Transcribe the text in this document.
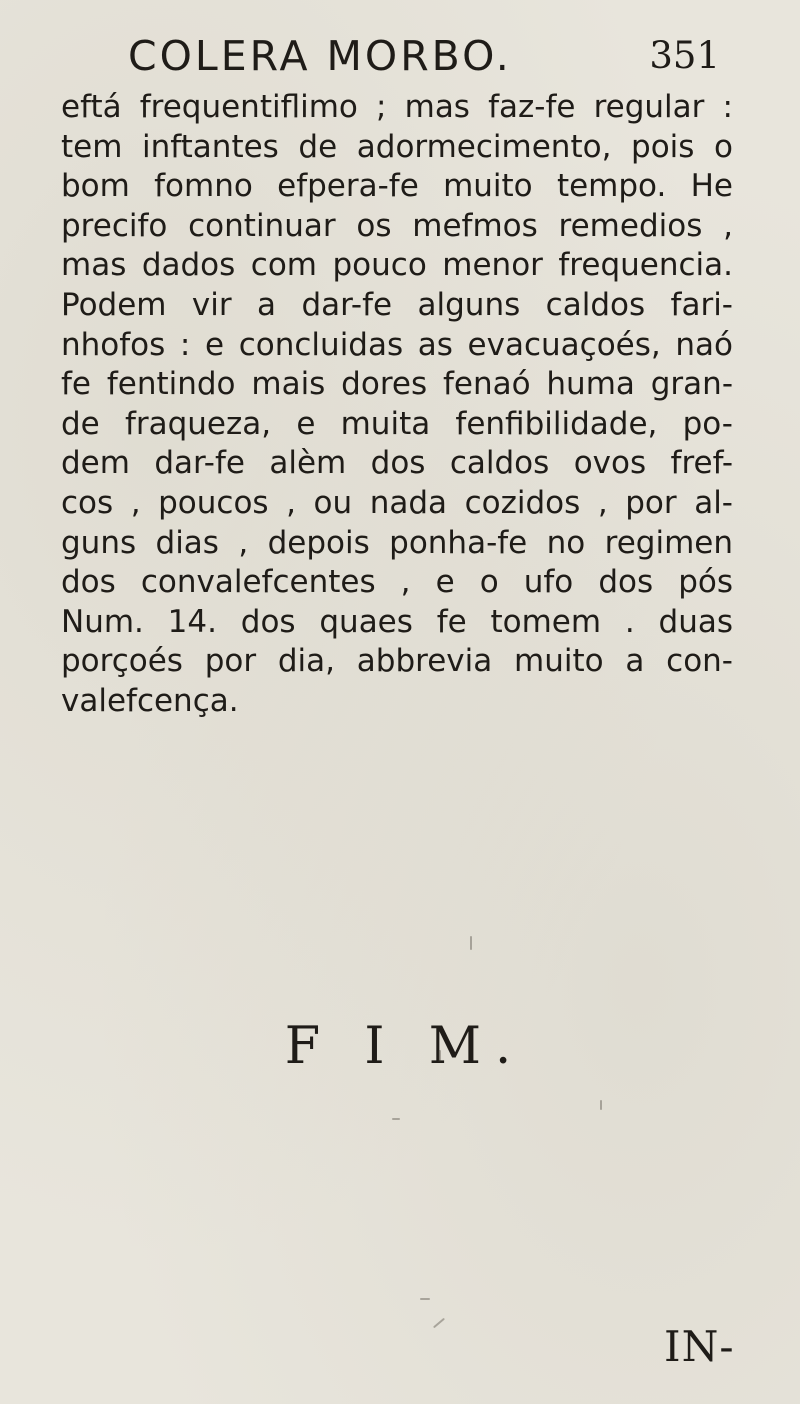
COLERA MORBO.	351
eftá frequentiflimo ; mas faz-fe regular :
tem inftantes de adormecimento, pois o
bom fomno efpera-fe muito tempo. He
precifo continuar os mefmos remedios ,
mas dados com pouco menor frequencia.
Podem vir a dar-fe alguns caldos fari-
nhofos : e concluidas as evacuaçoés, naó
fe fentindo mais dores fenaó huma gran-
de fraqueza, e muita fenfibilidade, po-
dem dar-fe alèm dos caldos ovos fref-
cos , poucos , ou nada cozidos , por al-
guns dias , depois ponha-fe no regimen
dos convalefcentes , e o ufo dos pós
Num. 14. dos quaes fe tomem . duas
porçoés por dia, abbrevia muito a con-
valefcença.
F I M.
IN-
